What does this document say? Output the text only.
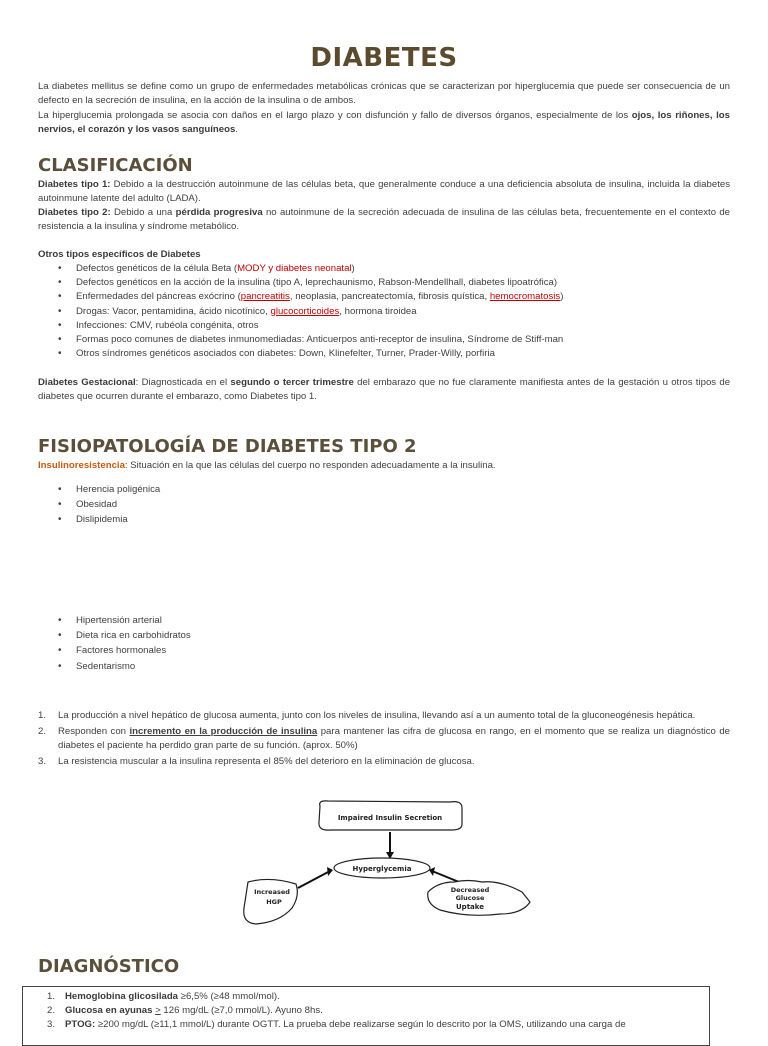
DIABETES
La diabetes mellitus se define como un grupo de enfermedades metabólicas crónicas que se caracterizan por hiperglucemia que puede ser consecuencia de un defecto en la secreción de insulina, en la acción de la insulina o de ambos.
La hiperglucemia prolongada se asocia con daños en el largo plazo y con disfunción y fallo de diversos órganos, especialmente de los ojos, los riñones, los nervios, el corazón y los vasos sanguíneos.
CLASIFICACIÓN
Diabetes tipo 1: Debido a la destrucción autoinmune de las células beta, que generalmente conduce a una deficiencia absoluta de insulina, incluida la diabetes autoinmune latente del adulto (LADA).
Diabetes tipo 2: Debido a una pérdida progresiva no autoinmune de la secreción adecuada de insulina de las células beta, frecuentemente en el contexto de resistencia a la insulina y síndrome metabólico.
Otros tipos específicos de Diabetes
• Defectos genéticos de la célula Beta (MODY y diabetes neonatal)
• Defectos genéticos en la acción de la insulina (tipo A, leprechaunismo, Rabson-Mendellhall, diabetes lipoatrófica)
• Enfermedades del páncreas exócrino (pancreatitis, neoplasia, pancreatectomía, fibrosis quística, hemocromatosis)
• Drogas: Vacor, pentamidina, ácido nicotínico, glucocorticoides, hormona tiroidea
• Infecciones: CMV, rubéola congénita, otros
• Formas poco comunes de diabetes inmunomediadas: Anticuerpos anti-receptor de insulina, Síndrome de Stiff-man
• Otros síndromes genéticos asociados con diabetes: Down, Klinefelter, Turner, Prader-Willy, porfiria
Diabetes Gestacional: Diagnosticada en el segundo o tercer trimestre del embarazo que no fue claramente manifiesta antes de la gestación u otros tipos de diabetes que ocurren durante el embarazo, como Diabetes tipo 1.
FISIOPATOLOGÍA DE DIABETES TIPO 2
Insulinoresistencia: Situación en la que las células del cuerpo no responden adecuadamente a la insulina.
• Herencia poligénica
• Obesidad
• Dislipidemia
• Hipertensión arterial
• Dieta rica en carbohidratos
• Factores hormonales
• Sedentarismo
1. La producción a nivel hepático de glucosa aumenta, junto con los niveles de insulina, llevando así a un aumento total de la gluconeogénesis hepática.
2. Responden con incremento en la producción de insulina para mantener las cifra de glucosa en rango, en el momento que se realiza un diagnóstico de diabetes el paciente ha perdido gran parte de su función. (aprox. 50%)
3. La resistencia muscular a la insulina representa el 85% del deterioro en la eliminación de glucosa.
DIAGNÓSTICO
Impaired Insulin Secretion
Hyperglycemia
Increased
HGP
Decreased
Glucose
Uptake
1. Hemoglobina glicosilada ≥6,5% (≥48 mmol/mol).
2. Glucosa en ayunas > 126 mg/dL (≥7,0 mmol/L). Ayuno 8hs.
3. PTOG: ≥200 mg/dL (≥11,1 mmol/L) durante OGTT. La prueba debe realizarse según lo descrito por la OMS, utilizando una carga de
